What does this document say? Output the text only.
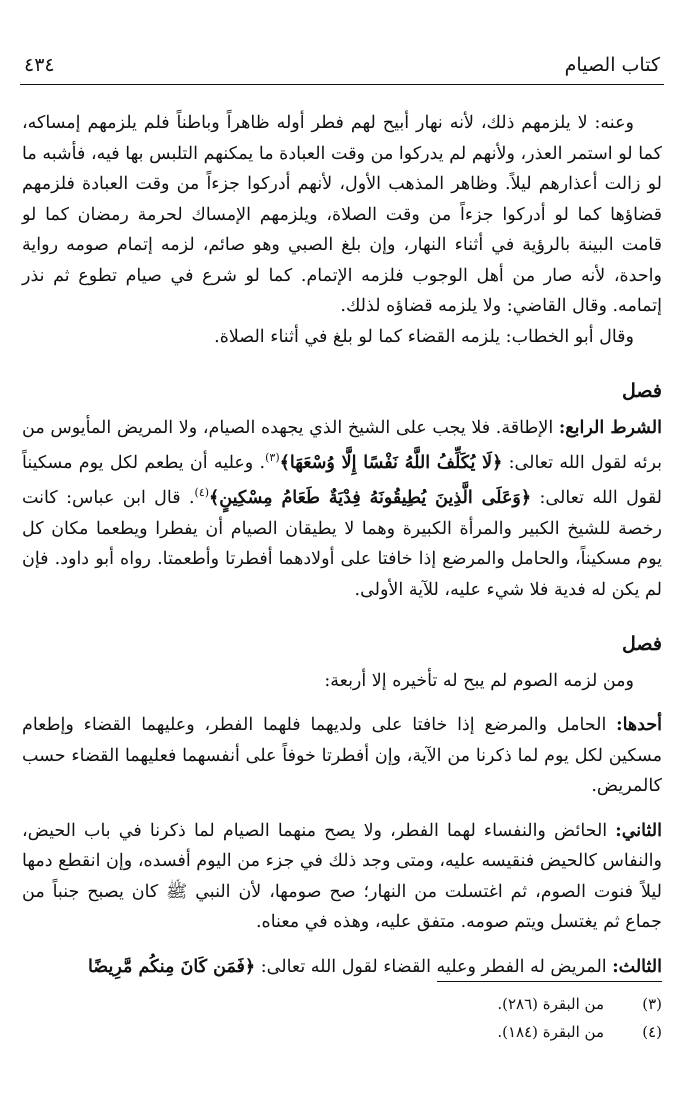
كتاب الصيام
٤٣٤

وعنه: لا يلزمهم ذلك، لأنه نهار أبيح لهم فطر أوله ظاهراً وباطناً فلم يلزمهم إمساكه، كما لو استمر العذر، ولأنهم لم يدركوا من وقت العبادة ما يمكنهم التلبس بها فيه، فأشبه ما لو زالت أعذارهم ليلاً. وظاهر المذهب الأول، لأنهم أدركوا جزءاً من وقت العبادة فلزمهم قضاؤها كما لو أدركوا جزءاً من وقت الصلاة، ويلزمهم الإمساك لحرمة رمضان كما لو قامت البينة بالرؤية في أثناء النهار، وإن بلغ الصبي وهو صائم، لزمه إتمام صومه رواية واحدة، لأنه صار من أهل الوجوب فلزمه الإتمام. كما لو شرع في صيام تطوع ثم نذر إتمامه. وقال القاضي: ولا يلزمه قضاؤه لذلك.

وقال أبو الخطاب: يلزمه القضاء كما لو بلغ في أثناء الصلاة.

فصل

الشرط الرابع: الإطاقة. فلا يجب على الشيخ الذي يجهده الصيام، ولا المريض المأيوس من برئه لقول الله تعالى: ﴿لَا يُكَلِّفُ اللَّهُ نَفْسًا إِلَّا وُسْعَهَا﴾$^{(٣)}$. وعليه أن يطعم لكل يوم مسكيناً لقول الله تعالى: ﴿وَعَلَى الَّذِينَ يُطِيقُونَهُ فِدْيَةٌ طَعَامُ مِسْكِينٍ﴾$^{(٤)}$. قال ابن عباس: كانت رخصة للشيخ الكبير والمرأة الكبيرة وهما لا يطيقان الصيام أن يفطرا ويطعما مكان كل يوم مسكيناً، والحامل والمرضع إذا خافتا على أولادهما أفطرتا وأطعمتا. رواه أبو داود. فإن لم يكن له فدية فلا شيء عليه، للآية الأولى.

فصل

ومن لزمه الصوم لم يبح له تأخيره إلا أربعة:

أحدها: الحامل والمرضع إذا خافتا على ولديهما فلهما الفطر، وعليهما القضاء وإطعام مسكين لكل يوم لما ذكرنا من الآية، وإن أفطرتا خوفاً على أنفسهما فعليهما القضاء حسب كالمريض.

الثاني: الحائض والنفساء لهما الفطر، ولا يصح منهما الصيام لما ذكرنا في باب الحيض، والنفاس كالحيض فنقيسه عليه، ومتى وجد ذلك في جزء من اليوم أفسده، وإن انقطع دمها ليلاً فنوت الصوم، ثم اغتسلت من النهار؛ صح صومها، لأن النبي ﷺ كان يصبح جنباً من جماع ثم يغتسل ويتم صومه. متفق عليه، وهذه في معناه.

الثالث: المريض له الفطر وعليه القضاء لقول الله تعالى: ﴿فَمَن كَانَ مِنكُم مَّرِيضًا

(٣)
من البقرة (٢٨٦).
(٤)
من البقرة (١٨٤).
